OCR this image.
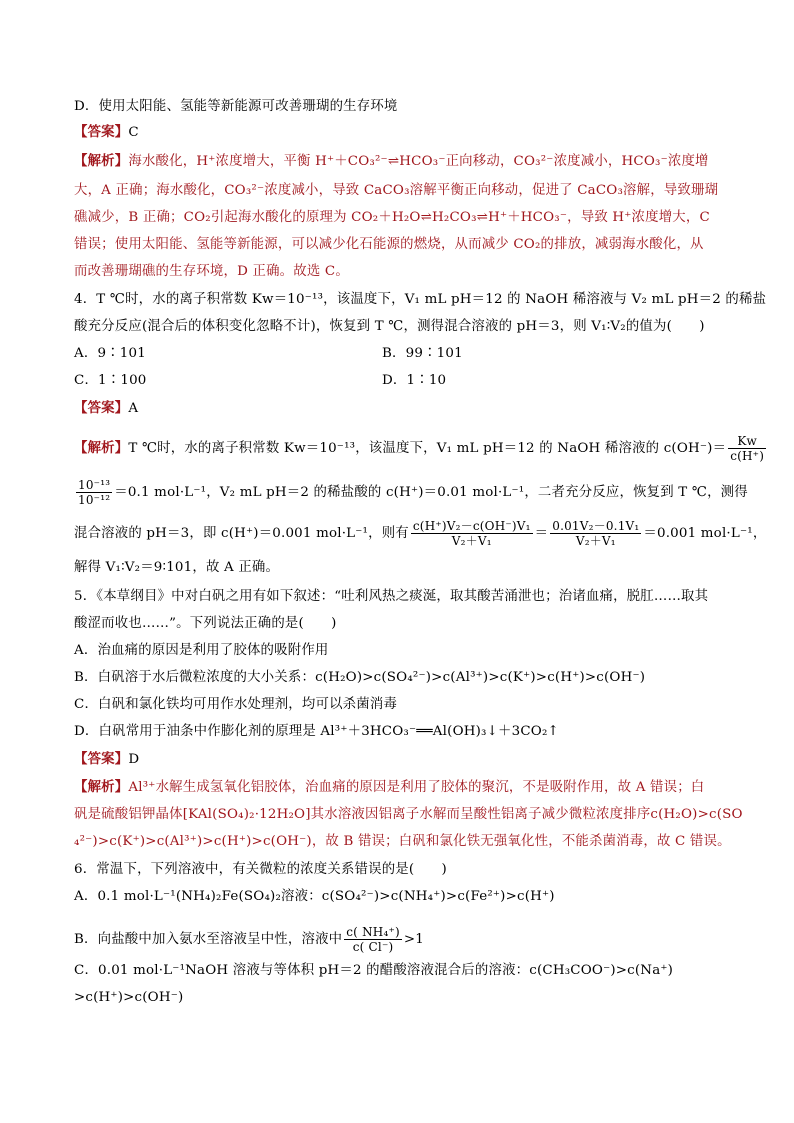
D．使用太阳能、氢能等新能源可改善珊瑚的生存环境
【答案】C
【解析】海水酸化，H⁺浓度增大，平衡 H⁺＋CO₃²⁻⇌HCO₃⁻正向移动，CO₃²⁻浓度减小，HCO₃⁻浓度增
大，A 正确；海水酸化，CO₃²⁻浓度减小，导致 CaCO₃溶解平衡正向移动，促进了 CaCO₃溶解，导致珊瑚
礁减少，B 正确；CO₂引起海水酸化的原理为 CO₂＋H₂O⇌H₂CO₃⇌H⁺＋HCO₃⁻，导致 H⁺浓度增大，C
错误；使用太阳能、氢能等新能源，可以减少化石能源的燃烧，从而减少 CO₂的排放，减弱海水酸化，从
而改善珊瑚礁的生存环境，D 正确。故选 C。
4．T ℃时，水的离子积常数 Kw＝10⁻¹³，该温度下，V₁ mL pH＝12 的 NaOH 稀溶液与 V₂ mL pH＝2 的稀盐
酸充分反应(混合后的体积变化忽略不计)，恢复到 T ℃，测得混合溶液的 pH＝3，则 V₁∶V₂的值为(　　)
A．9∶101	B．99∶101
C．1∶100	D．1∶10
【答案】A
【解析】T ℃时，水的离子积常数 Kw＝10⁻¹³，该温度下，V₁ mL pH＝12 的 NaOH 稀溶液的 $c(OH^-)= \frac{Kw}{c(H^+)}$
$\frac{\text{10⁻¹³}}{\text{10⁻¹²}} =0.1$ mol·L⁻¹，V₂ mL pH＝2 的稀盐酸的 c(H⁺)＝0.01 mol·L⁻¹，二者充分反应，恢复到 T ℃，测得
混合溶液的 pH＝3，即 c(H⁺)＝0.001 mol·L⁻¹，则有 $\frac{\text{c(H⁺)V₂－c(OH⁻)V₁}}{\text{V₂＋V₁}} = \frac{\text{0.01V₂－0.1V₁}}{\text{V₂＋V₁}} =0.001$ mol·L⁻¹，
解得 V₁∶V₂＝9∶101，故 A 正确。
5．《本草纲目》中对白矾之用有如下叙述：“吐利风热之痰涎，取其酸苦涌泄也；治诸血痛，脱肛……取其
酸涩而收也……”。下列说法正确的是(　　)
A．治血痛的原因是利用了胶体的吸附作用
B．白矾溶于水后微粒浓度的大小关系：c(H₂O)>c(SO₄²⁻)>c(Al³⁺)>c(K⁺)>c(H⁺)>c(OH⁻)
C．白矾和氯化铁均可用作水处理剂，均可以杀菌消毒
D．白矾常用于油条中作膨化剂的原理是 Al³⁺＋3HCO₃⁻══Al(OH)₃↓＋3CO₂↑
【答案】D
【解析】Al³⁺水解生成氢氧化铝胶体，治血痛的原因是利用了胶体的聚沉，不是吸附作用，故 A 错误；白
矾是硫酸铝钾晶体[KAl(SO₄)₂·12H₂O]其水溶液因铝离子水解而呈酸性铝离子减少微粒浓度排序c(H₂O)>c(SO
₄²⁻)>c(K⁺)>c(Al³⁺)>c(H⁺)>c(OH⁻)，故 B 错误；白矾和氯化铁无强氧化性，不能杀菌消毒，故 C 错误。
6．常温下，下列溶液中，有关微粒的浓度关系错误的是(　　)
A．0.1 mol·L⁻¹(NH₄)₂Fe(SO₄)₂溶液：c(SO₄²⁻)>c(NH₄⁺)>c(Fe²⁺)>c(H⁺)
B．向盐酸中加入氨水至溶液呈中性，溶液中 $\frac{\text{c( NH₄⁺)}}{c( Cl^-)} >1$
C．0.01 mol·L⁻¹NaOH 溶液与等体积 pH＝2 的醋酸溶液混合后的溶液：c(CH₃COO⁻)>c(Na⁺)
>c(H⁺)>c(OH⁻)
